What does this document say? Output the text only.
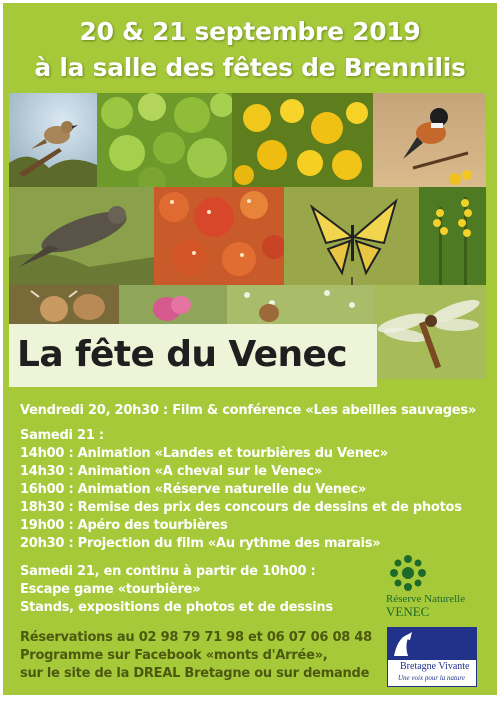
20 & 21 septembre 2019
à la salle des fêtes de Brennilis
La fête du Venec
Vendredi 20, 20h30 : Film & conférence «Les abeilles sauvages»
Samedi 21 :
14h00 : Animation «Landes et tourbières du Venec»
14h30 : Animation «A cheval sur le Venec»
16h00 : Animation «Réserve naturelle du Venec»
18h30 : Remise des prix des concours de dessins et de photos
19h00 : Apéro des tourbières
20h30 : Projection du film «Au rythme des marais»
Samedi 21, en continu à partir de 10h00 :
Escape game «tourbière»
Stands, expositions de photos et de dessins
Réservations au 02 98 79 71 98 et 06 07 06 08 48
Programme sur Facebook «monts d'Arrée»,
sur le site de la DREAL Bretagne ou sur demande
Réserve Naturelle
VENEC
Bretagne Vivante
Une voix pour la nature
